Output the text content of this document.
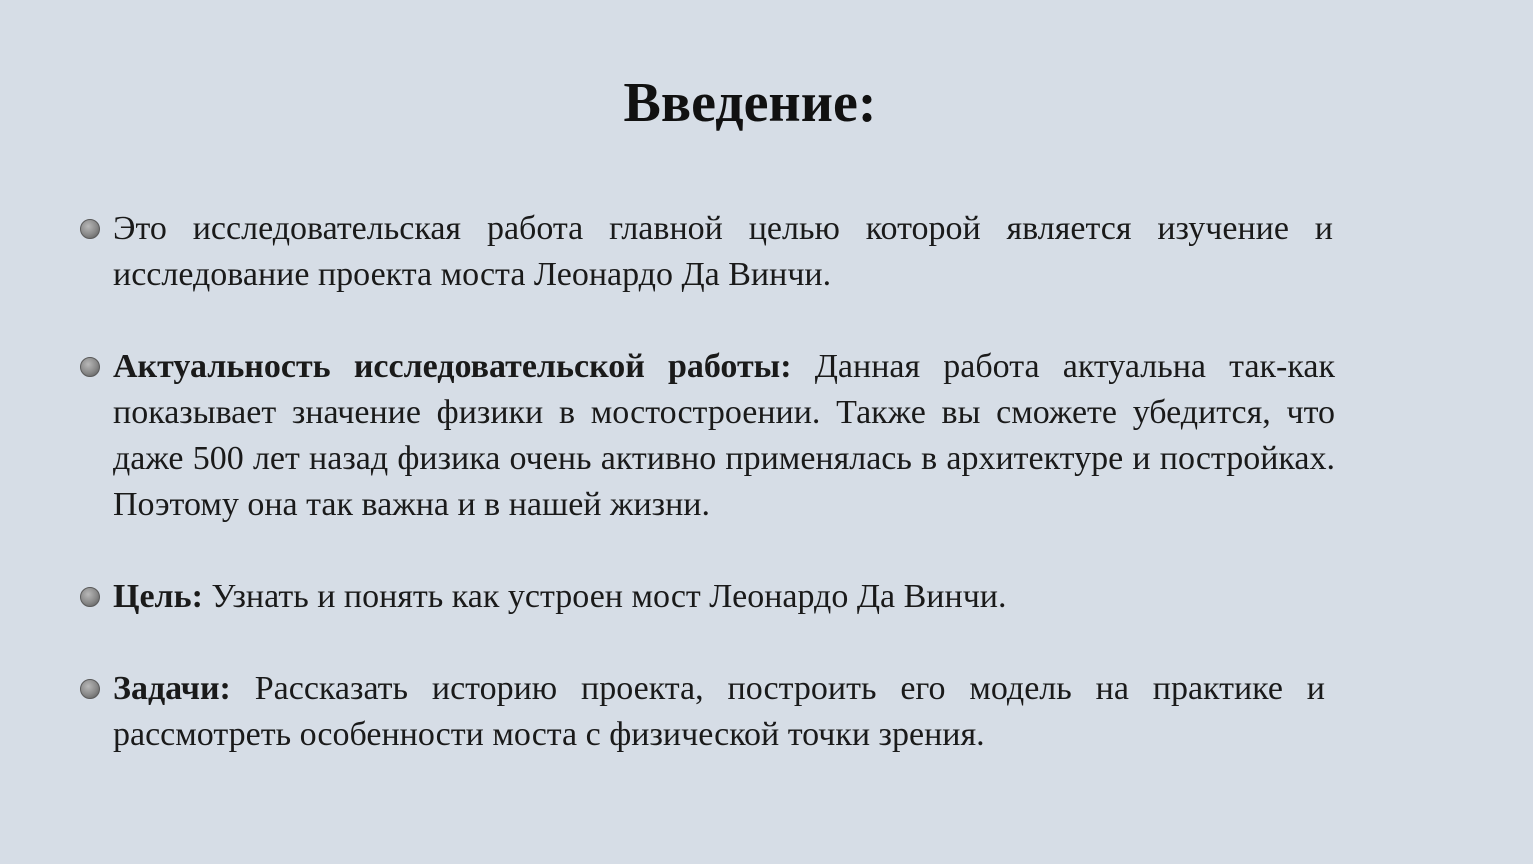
Введение:
Это исследовательская работа главной целью которой является изучение и исследование проекта моста Леонардо Да Винчи.
Актуальность исследовательской работы: Данная работа актуальна так-как показывает значение физики в мостостроении. Также вы сможете убедится, что даже 500 лет назад физика очень активно применялась в архитектуре и постройках. Поэтому она так важна и в нашей жизни.
Цель: Узнать и понять как устроен мост Леонардо Да Винчи.
Задачи: Рассказать историю проекта, построить его модель на практике и рассмотреть особенности моста с физической точки зрения.
